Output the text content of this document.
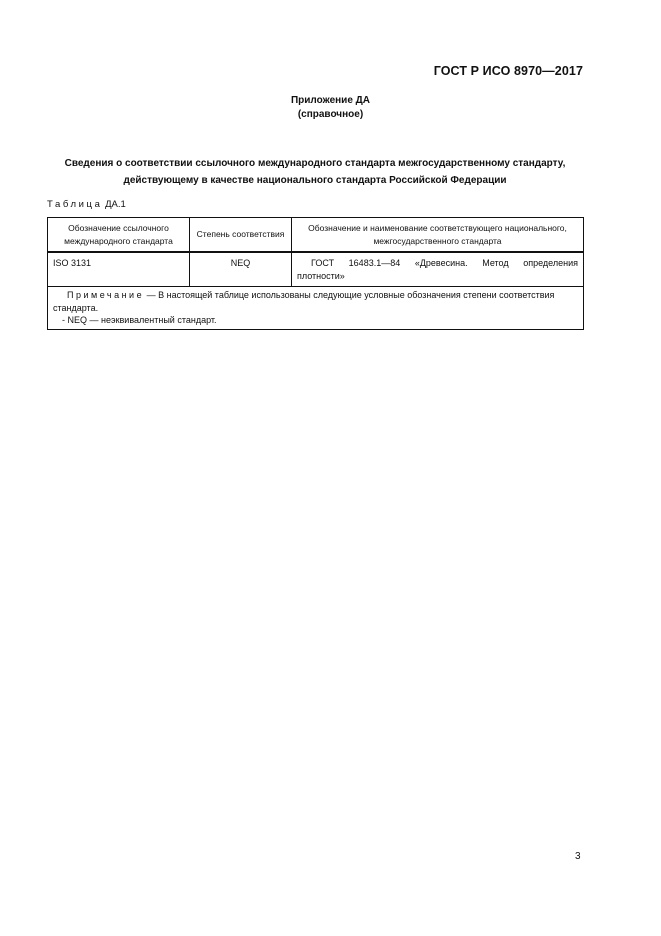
ГОСТ Р ИСО 8970—2017
Приложение ДА
(справочное)
Сведения о соответствии ссылочного международного стандарта межгосударственному стандарту,
действующему в качестве национального стандарта Российской Федерации
Таблица ДА.1
Обозначение ссылочного международного стандарта	Степень соответствия	Обозначение и наименование соответствующего национального, межгосударственного стандарта
ISO 3131	NEQ	ГОСТ 16483.1—84 «Древесина. Метод определения плотности»

Примечание — В настоящей таблице использованы следующие условные обозначения степени соответствия стандарта.
- NEQ — неэквивалентный стандарт.		
3
